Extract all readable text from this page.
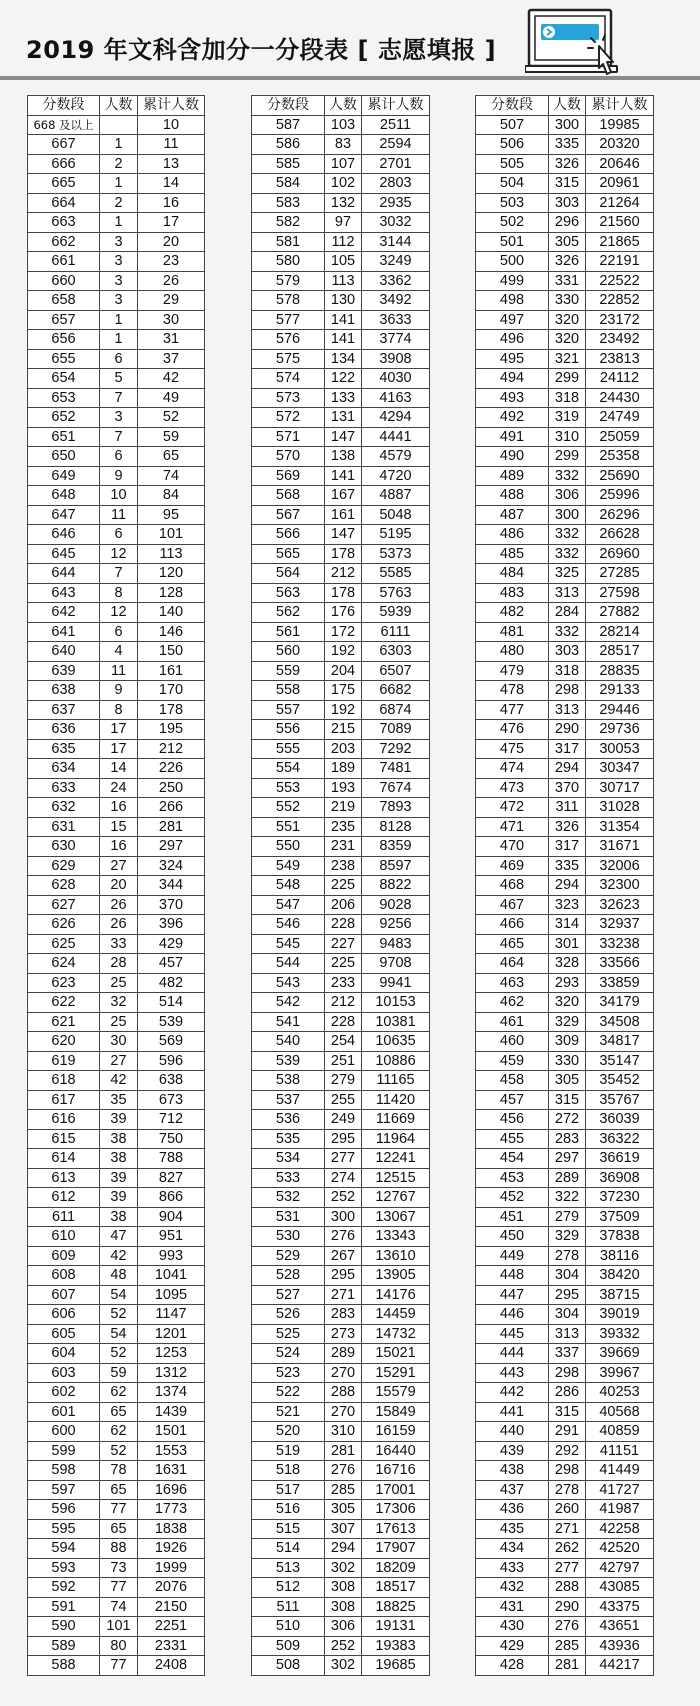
2019 年文科含加分一分段表 [ 志愿填报 ]
分数段	人数	累计人数
668 及以上		10
667	1	11
666	2	13
665	1	14
664	2	16
663	1	17
662	3	20
661	3	23
660	3	26
658	3	29
657	1	30
656	1	31
655	6	37
654	5	42
653	7	49
652	3	52
651	7	59
650	6	65
649	9	74
648	10	84
647	11	95
646	6	101
645	12	113
644	7	120
643	8	128
642	12	140
641	6	146
640	4	150
639	11	161
638	9	170
637	8	178
636	17	195
635	17	212
634	14	226
633	24	250
632	16	266
631	15	281
630	16	297
629	27	324
628	20	344
627	26	370
626	26	396
625	33	429
624	28	457
623	25	482
622	32	514
621	25	539
620	30	569
619	27	596
618	42	638
617	35	673
616	39	712
615	38	750
614	38	788
613	39	827
612	39	866
611	38	904
610	47	951
609	42	993
608	48	1041
607	54	1095
606	52	1147
605	54	1201
604	52	1253
603	59	1312
602	62	1374
601	65	1439
600	62	1501
599	52	1553
598	78	1631
597	65	1696
596	77	1773
595	65	1838
594	88	1926
593	73	1999
592	77	2076
591	74	2150
590	101	2251
589	80	2331
588	77	2408
分数段	人数	累计人数
587	103	2511
586	83	2594
585	107	2701
584	102	2803
583	132	2935
582	97	3032
581	112	3144
580	105	3249
579	113	3362
578	130	3492
577	141	3633
576	141	3774
575	134	3908
574	122	4030
573	133	4163
572	131	4294
571	147	4441
570	138	4579
569	141	4720
568	167	4887
567	161	5048
566	147	5195
565	178	5373
564	212	5585
563	178	5763
562	176	5939
561	172	6111
560	192	6303
559	204	6507
558	175	6682
557	192	6874
556	215	7089
555	203	7292
554	189	7481
553	193	7674
552	219	7893
551	235	8128
550	231	8359
549	238	8597
548	225	8822
547	206	9028
546	228	9256
545	227	9483
544	225	9708
543	233	9941
542	212	10153
541	228	10381
540	254	10635
539	251	10886
538	279	11165
537	255	11420
536	249	11669
535	295	11964
534	277	12241
533	274	12515
532	252	12767
531	300	13067
530	276	13343
529	267	13610
528	295	13905
527	271	14176
526	283	14459
525	273	14732
524	289	15021
523	270	15291
522	288	15579
521	270	15849
520	310	16159
519	281	16440
518	276	16716
517	285	17001
516	305	17306
515	307	17613
514	294	17907
513	302	18209
512	308	18517
511	308	18825
510	306	19131
509	252	19383
508	302	19685
分数段	人数	累计人数
507	300	19985
506	335	20320
505	326	20646
504	315	20961
503	303	21264
502	296	21560
501	305	21865
500	326	22191
499	331	22522
498	330	22852
497	320	23172
496	320	23492
495	321	23813
494	299	24112
493	318	24430
492	319	24749
491	310	25059
490	299	25358
489	332	25690
488	306	25996
487	300	26296
486	332	26628
485	332	26960
484	325	27285
483	313	27598
482	284	27882
481	332	28214
480	303	28517
479	318	28835
478	298	29133
477	313	29446
476	290	29736
475	317	30053
474	294	30347
473	370	30717
472	311	31028
471	326	31354
470	317	31671
469	335	32006
468	294	32300
467	323	32623
466	314	32937
465	301	33238
464	328	33566
463	293	33859
462	320	34179
461	329	34508
460	309	34817
459	330	35147
458	305	35452
457	315	35767
456	272	36039
455	283	36322
454	297	36619
453	289	36908
452	322	37230
451	279	37509
450	329	37838
449	278	38116
448	304	38420
447	295	38715
446	304	39019
445	313	39332
444	337	39669
443	298	39967
442	286	40253
441	315	40568
440	291	40859
439	292	41151
438	298	41449
437	278	41727
436	260	41987
435	271	42258
434	262	42520
433	277	42797
432	288	43085
431	290	43375
430	276	43651
429	285	43936
428	281	44217
